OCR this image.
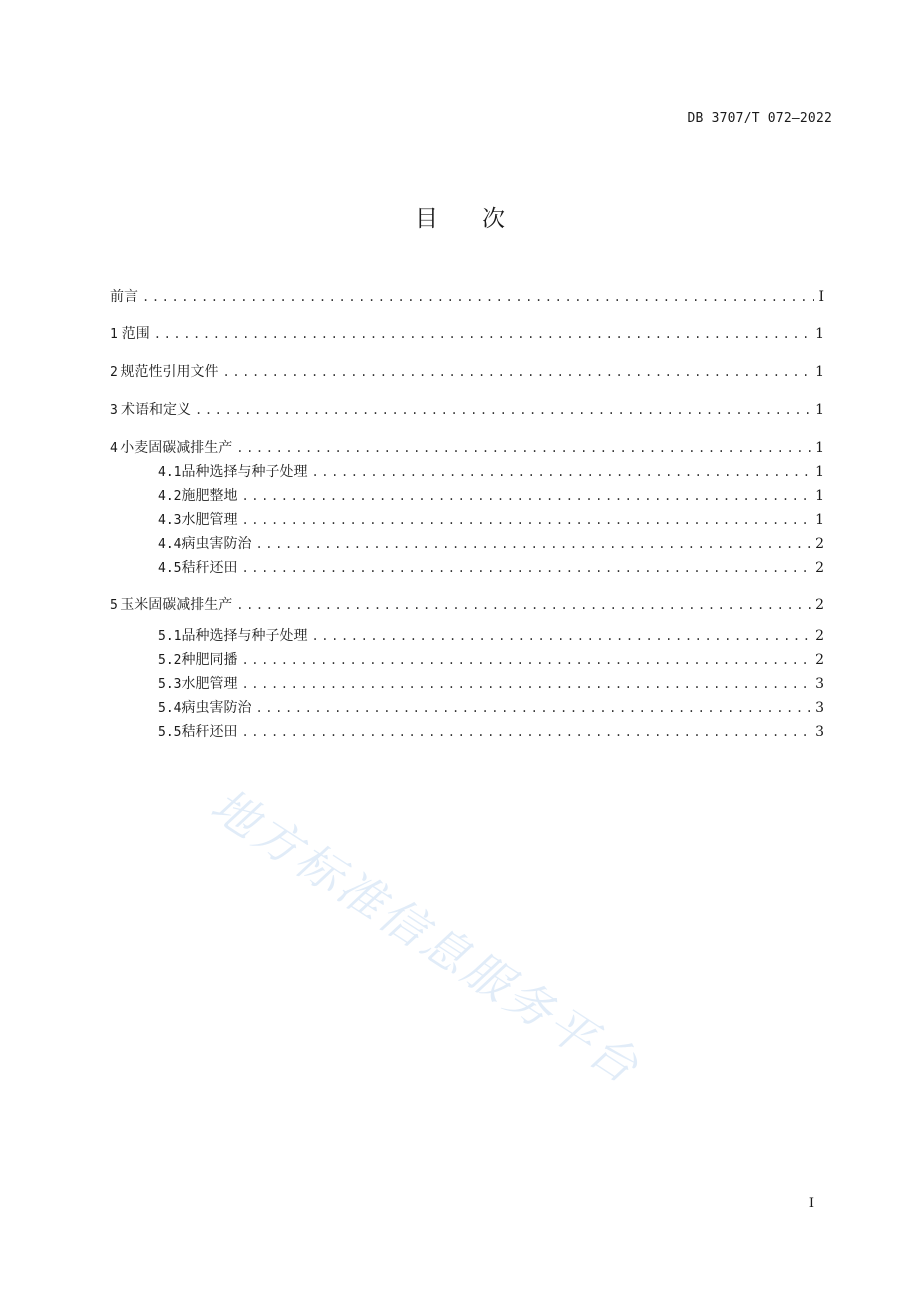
DB 3707/T 072—2022
目次
前言 .....	I
1 范围 .....	1
2 规范性引用文件 .....	1
3 术语和定义 .....	1
4 小麦固碳减排生产 .....	1
4.1 品种选择与种子处理 .....	1
4.2 施肥整地 .....	1
4.3 水肥管理 .....	1
4.4 病虫害防治 .....	2
4.5 秸秆还田 .....	2
5 玉米固碳减排生产 .....	2
5.1 品种选择与种子处理 .....	2
5.2 种肥同播 .....	2
5.3 水肥管理 .....	3
5.4 病虫害防治 .....	3
5.5 秸秆还田 .....	3
地方标准信息服务平台
I
